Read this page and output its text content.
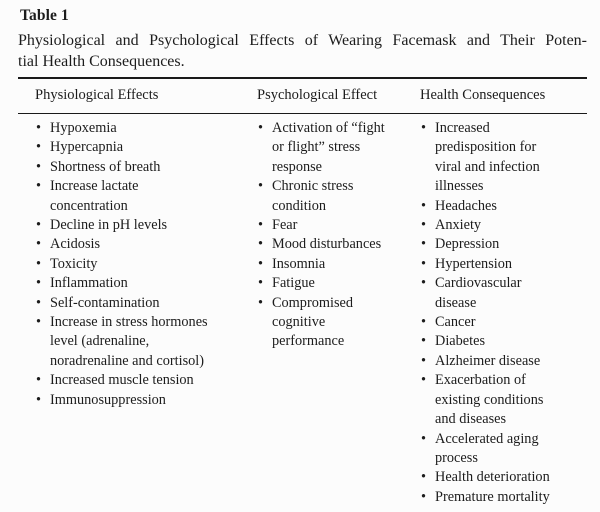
Table 1
Physiological and Psychological Effects of Wearing Facemask and Their Poten-
tial Health Consequences.
Physiological Effects	Psychological Effect	Health Consequences
• Hypoxemia
• Hypercapnia
• Shortness of breath
• Increase lactate concentration
• Decline in pH levels
• Acidosis
• Toxicity
• Inflammation
• Self-contamination
• Increase in stress hormones level (adrenaline, noradrenaline and cortisol)
• Increased muscle tension
• Immunosuppression
• Activation of “fight or flight” stress response
• Chronic stress condition
• Fear
• Mood disturbances
• Insomnia
• Fatigue
• Compromised cognitive performance
• Increased predisposition for viral and infection illnesses
• Headaches
• Anxiety
• Depression
• Hypertension
• Cardiovascular disease
• Cancer
• Diabetes
• Alzheimer disease
• Exacerbation of existing conditions and diseases
• Accelerated aging process
• Health deterioration
• Premature mortality
